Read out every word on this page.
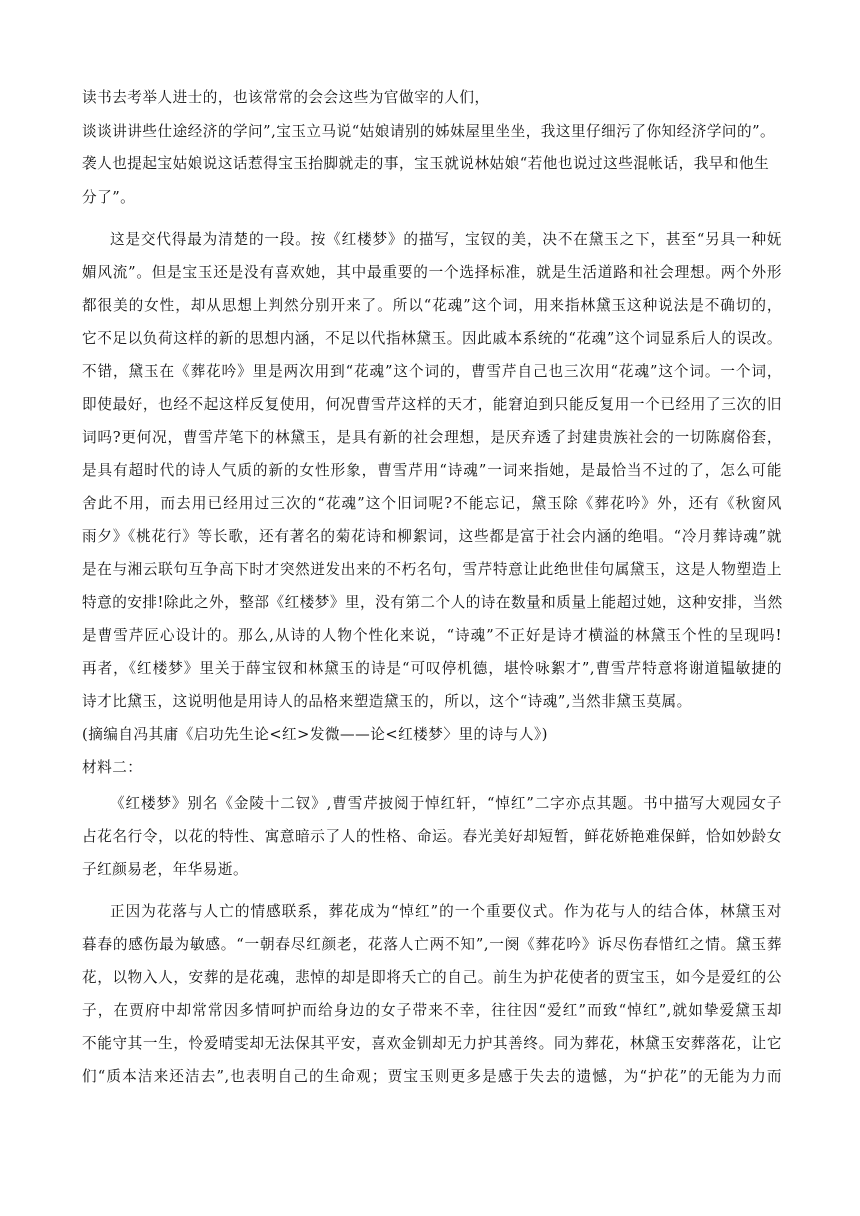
读书去考举人进士的，也该常常的会会这些为官做宰的人们，
谈谈讲讲些仕途经济的学问”,宝玉立马说“姑娘请别的姊妹屋里坐坐，我这里仔细污了你知经济学问的”。
袭人也提起宝姑娘说这话惹得宝玉抬脚就走的事，宝玉就说林姑娘“若他也说过这些混帐话，我早和他生
分了”。
这是交代得最为清楚的一段。按《红楼梦》的描写，宝钗的美，决不在黛玉之下，甚至“另具一种妩
媚风流”。但是宝玉还是没有喜欢她，其中最重要的一个选择标准，就是生活道路和社会理想。两个外形
都很美的女性，却从思想上判然分别开来了。所以“花魂”这个词，用来指林黛玉这种说法是不确切的，
它不足以负荷这样的新的思想内涵，不足以代指林黛玉。因此戚本系统的“花魂”这个词显系后人的误改。
不错，黛玉在《葬花吟》里是两次用到“花魂”这个词的，曹雪芹自己也三次用“花魂”这个词。一个词，
即使最好，也经不起这样反复使用，何况曹雪芹这样的天才，能窘迫到只能反复用一个已经用了三次的旧
词吗?更何况，曹雪芹笔下的林黛玉，是具有新的社会理想，是厌弃透了封建贵族社会的一切陈腐俗套，
是具有超时代的诗人气质的新的女性形象，曹雪芹用“诗魂”一词来指她，是最恰当不过的了，怎么可能
舍此不用，而去用已经用过三次的“花魂”这个旧词呢?不能忘记，黛玉除《葬花吟》外，还有《秋窗风
雨夕》《桃花行》等长歌，还有著名的菊花诗和柳絮词，这些都是富于社会内涵的绝唱。“冷月葬诗魂”就
是在与湘云联句互争高下时才突然迸发出来的不朽名句，雪芹特意让此绝世佳句属黛玉，这是人物塑造上
特意的安排!除此之外，整部《红楼梦》里，没有第二个人的诗在数量和质量上能超过她，这种安排，当然
是曹雪芹匠心设计的。那么,从诗的人物个性化来说，“诗魂”不正好是诗才横溢的林黛玉个性的呈现吗!
再者，《红楼梦》里关于薛宝钗和林黛玉的诗是“可叹停机德，堪怜咏絮才”,曹雪芹特意将谢道韫敏捷的
诗才比黛玉，这说明他是用诗人的品格来塑造黛玉的，所以，这个“诗魂”,当然非黛玉莫属。
(摘编自冯其庸《启功先生论<红>发微——论<红楼梦〉里的诗与人》)
材料二：
《红楼梦》别名《金陵十二钗》,曹雪芹披阅于悼红轩，“悼红”二字亦点其题。书中描写大观园女子
占花名行令，以花的特性、寓意暗示了人的性格、命运。春光美好却短暂，鲜花娇艳难保鲜，恰如妙龄女
子红颜易老，年华易逝。
正因为花落与人亡的情感联系，葬花成为“悼红”的一个重要仪式。作为花与人的结合体，林黛玉对
暮春的感伤最为敏感。“一朝春尽红颜老，花落人亡两不知”,一阕《葬花吟》诉尽伤春惜红之情。黛玉葬
花，以物入人，安葬的是花魂，悲悼的却是即将夭亡的自己。前生为护花使者的贾宝玉，如今是爱红的公
子，在贾府中却常常因多情呵护而给身边的女子带来不幸，往往因“爱红”而致“悼红”,就如挚爱黛玉却
不能守其一生，怜爱晴雯却无法保其平安，喜欢金钏却无力护其善终。同为葬花，林黛玉安葬落花，让它
们“质本洁来还洁去”,也表明自己的生命观；贾宝玉则更多是感于失去的遗憾，为“护花”的无能为力而
